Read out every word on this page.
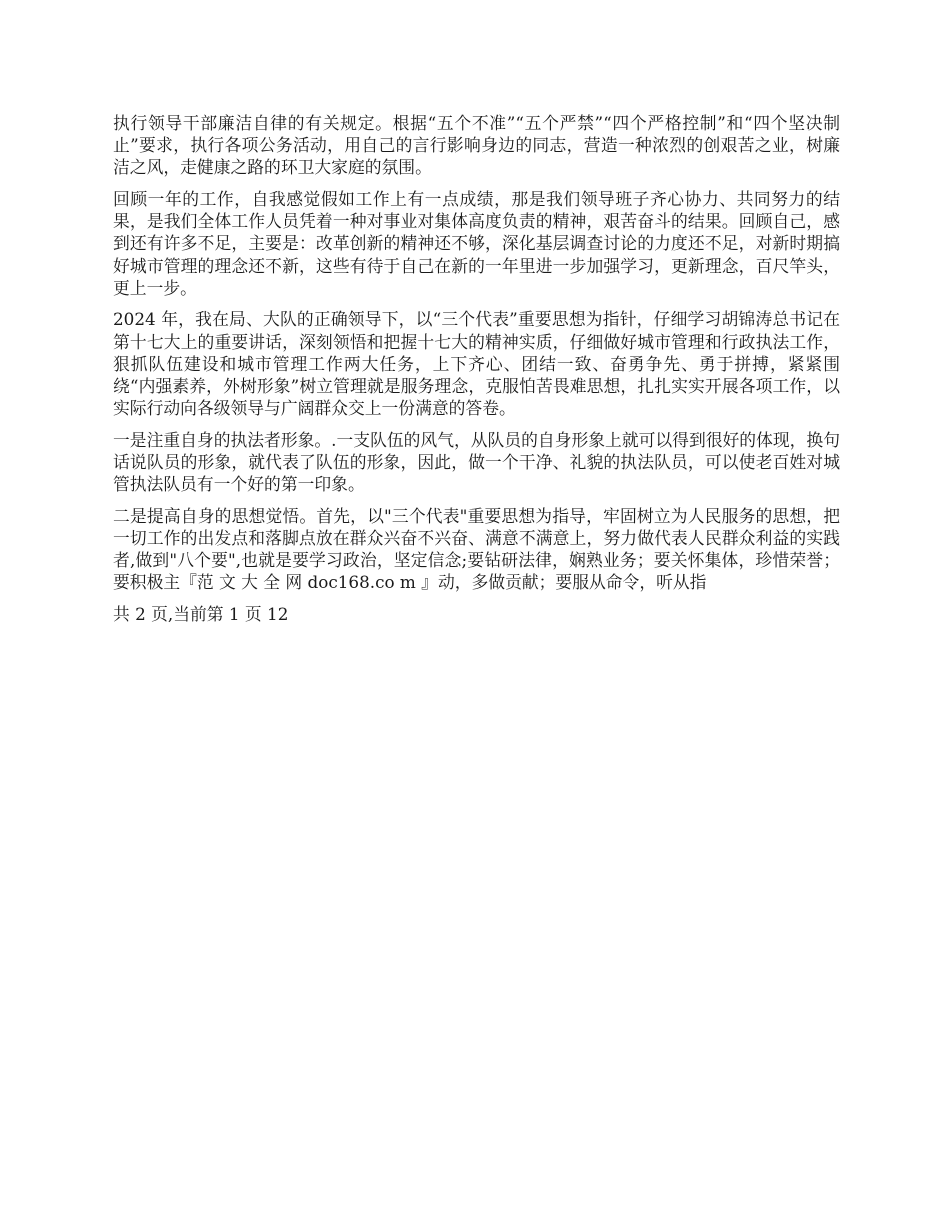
执行领导干部廉洁自律的有关规定。根据“五个不准”“五个严禁”“四个严格控制”和“四个坚决制止”要求，执行各项公务活动，用自己的言行影响身边的同志，营造一种浓烈的创艰苦之业，树廉洁之风，走健康之路的环卫大家庭的氛围。

回顾一年的工作，自我感觉假如工作上有一点成绩，那是我们领导班子齐心协力、共同努力的结果，是我们全体工作人员凭着一种对事业对集体高度负责的精神，艰苦奋斗的结果。回顾自己，感到还有许多不足，主要是：改革创新的精神还不够，深化基层调查讨论的力度还不足，对新时期搞好城市管理的理念还不新，这些有待于自己在新的一年里进一步加强学习，更新理念，百尺竿头，更上一步。

2024 年，我在局、大队的正确领导下，以“三个代表”重要思想为指针，仔细学习胡锦涛总书记在第十七大上的重要讲话，深刻领悟和把握十七大的精神实质，仔细做好城市管理和行政执法工作，狠抓队伍建设和城市管理工作两大任务，上下齐心、团结一致、奋勇争先、勇于拼搏，紧紧围绕“内强素养，外树形象”树立管理就是服务理念，克服怕苦畏难思想，扎扎实实开展各项工作，以实际行动向各级领导与广阔群众交上一份满意的答卷。

一是注重自身的执法者形象。.一支队伍的风气，从队员的自身形象上就可以得到很好的体现，换句话说队员的形象，就代表了队伍的形象，因此，做一个干净、礼貌的执法队员，可以使老百姓对城管执法队员有一个好的第一印象。

二是提高自身的思想觉悟。首先，以"三个代表"重要思想为指导，牢固树立为人民服务的思想，把一切工作的出发点和落脚点放在群众兴奋不兴奋、满意不满意上，努力做代表人民群众利益的实践者,做到"八个要",也就是要学习政治，坚定信念;要钻研法律，娴熟业务；要关怀集体，珍惜荣誉；要积极主『范 文 大 全 网 doc168.co m 』动，多做贡献；要服从命令，听从指

共 2 页,当前第 1 页 12
